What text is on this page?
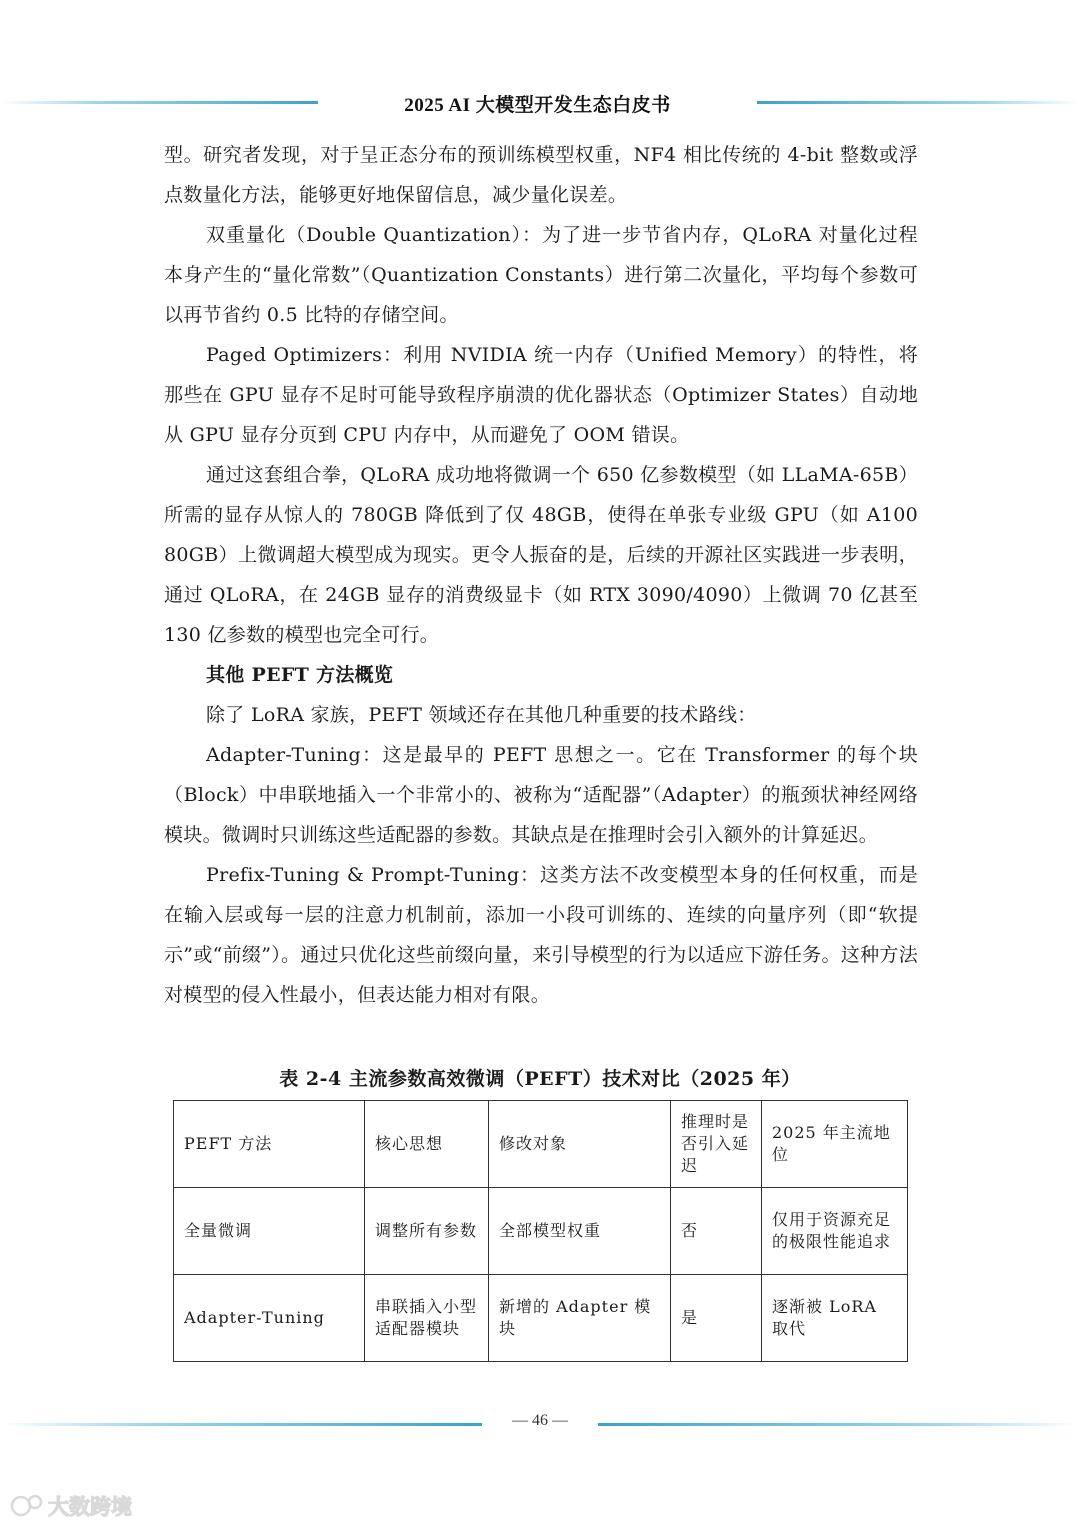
2025 AI 大模型开发生态白皮书

型。研究者发现，对于呈正态分布的预训练模型权重，NF4 相比传统的 4-bit 整数或浮点数量化方法，能够更好地保留信息，减少量化误差。

双重量化（Double Quantization）：为了进一步节省内存，QLoRA 对量化过程本身产生的“量化常数”（Quantization Constants）进行第二次量化，平均每个参数可以再节省约 0.5 比特的存储空间。

Paged Optimizers：利用 NVIDIA 统一内存（Unified Memory）的特性，将那些在 GPU 显存不足时可能导致程序崩溃的优化器状态（Optimizer States）自动地从 GPU 显存分页到 CPU 内存中，从而避免了 OOM 错误。

通过这套组合拳，QLoRA 成功地将微调一个 650 亿参数模型（如 LLaMA-65B）所需的显存从惊人的 780GB 降低到了仅 48GB，使得在单张专业级 GPU（如 A100 80GB）上微调超大模型成为现实。更令人振奋的是，后续的开源社区实践进一步表明，通过 QLoRA，在 24GB 显存的消费级显卡（如 RTX 3090/4090）上微调 70 亿甚至 130 亿参数的模型也完全可行。

其他 PEFT 方法概览

除了 LoRA 家族，PEFT 领域还存在其他几种重要的技术路线：

Adapter-Tuning：这是最早的 PEFT 思想之一。它在 Transformer 的每个块（Block）中串联地插入一个非常小的、被称为“适配器”（Adapter）的瓶颈状神经网络模块。微调时只训练这些适配器的参数。其缺点是在推理时会引入额外的计算延迟。

Prefix-Tuning & Prompt-Tuning：这类方法不改变模型本身的任何权重，而是在输入层或每一层的注意力机制前，添加一小段可训练的、连续的向量序列（即“软提示”或“前缀”）。通过只优化这些前缀向量，来引导模型的行为以适应下游任务。这种方法对模型的侵入性最小，但表达能力相对有限。

表 2-4 主流参数高效微调（PEFT）技术对比（2025 年）
PEFT 方法	核心思想	修改对象	推理时是否引入延迟	2025 年主流地位
全量微调	调整所有参数	全部模型权重	否	仅用于资源充足的极限性能追求
Adapter-Tuning	串联插入小型适配器模块	新增的 Adapter 模块	是	逐渐被 LoRA 取代
— 46 —
大数跨境
